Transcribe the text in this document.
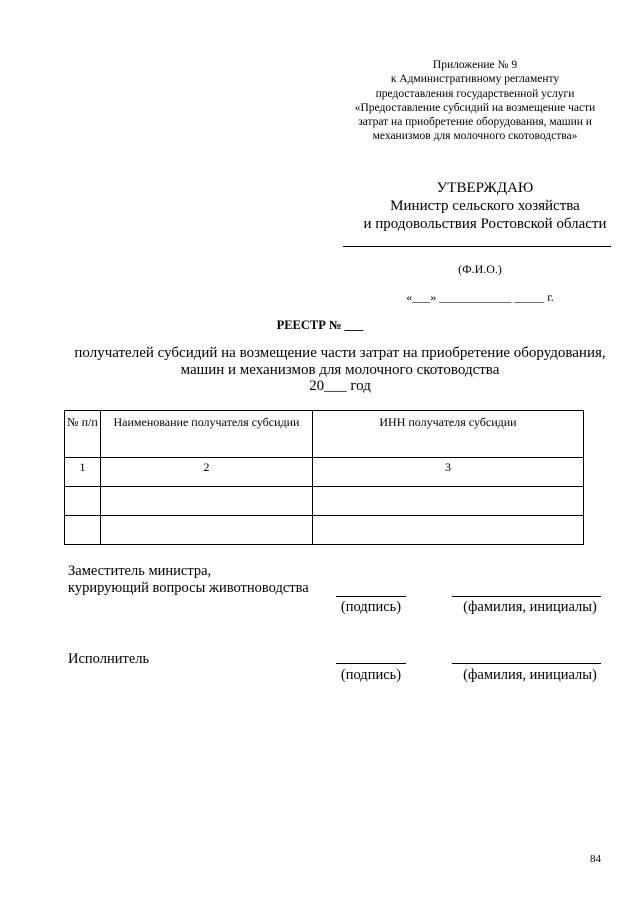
Приложение № 9
к Административному регламенту
предоставления государственной услуги
«Предоставление субсидий на возмещение части
затрат на приобретение оборудования, машин и
механизмов для молочного скотоводства»
УТВЕРЖДАЮ
Министр сельского хозяйства
и продовольствия Ростовской области
(Ф.И.О.)
«___» ____________ _____ г.
РЕЕСТР № ___
получателей субсидий на возмещение части затрат на приобретение оборудования,
машин и механизмов для молочного скотоводства
20___ год
№ п/п	Наименование получателя субсидии	ИНН получателя субсидии
1	2	3

Заместитель министра,
курирующий вопросы животноводства
(подпись)	(фамилия, инициалы)
Исполнитель
(подпись)	(фамилия, инициалы)
84
